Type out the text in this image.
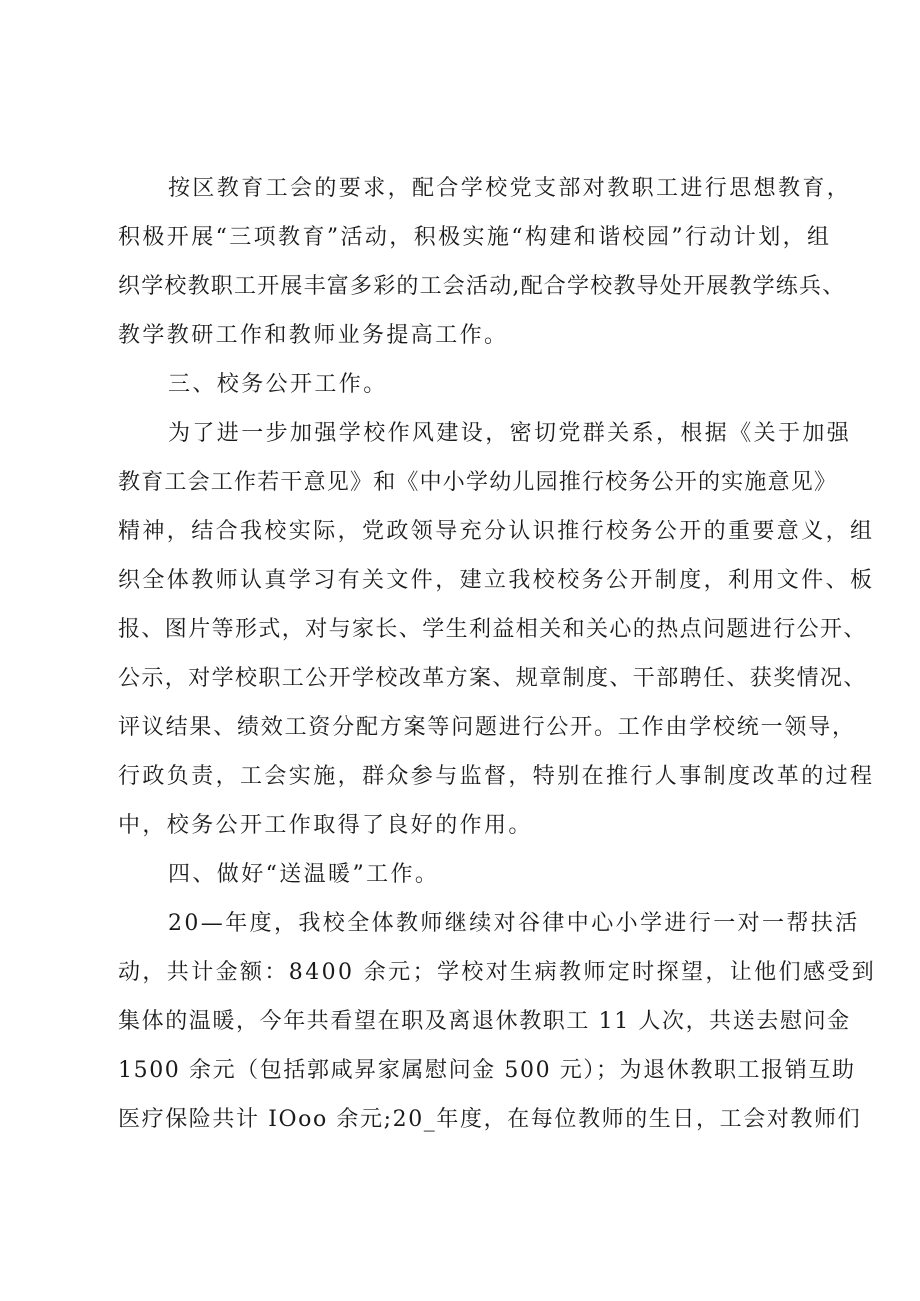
按区教育工会的要求，配合学校党支部对教职工进行思想教育，
积极开展“三项教育”活动，积极实施“构建和谐校园”行动计划，组
织学校教职工开展丰富多彩的工会活动,配合学校教导处开展教学练兵、
教学教研工作和教师业务提高工作。
三、校务公开工作。
为了进一步加强学校作风建设，密切党群关系，根据《关于加强
教育工会工作若干意见》和《中小学幼儿园推行校务公开的实施意见》
精神，结合我校实际，党政领导充分认识推行校务公开的重要意义，组
织全体教师认真学习有关文件，建立我校校务公开制度，利用文件、板
报、图片等形式，对与家长、学生利益相关和关心的热点问题进行公开、
公示，对学校职工公开学校改革方案、规章制度、干部聘任、获奖情况、
评议结果、绩效工资分配方案等问题进行公开。工作由学校统一领导，
行政负责，工会实施，群众参与监督，特别在推行人事制度改革的过程
中，校务公开工作取得了良好的作用。
四、做好“送温暖”工作。
20—年度，我校全体教师继续对谷律中心小学进行一对一帮扶活
动，共计金额：8400 余元；学校对生病教师定时探望，让他们感受到
集体的温暖，今年共看望在职及离退休教职工 11 人次，共送去慰问金
1500 余元（包括郭咸昇家属慰问金 500 元）；为退休教职工报销互助
医疗保险共计 IOoo 余元;20_年度，在每位教师的生日，工会对教师们
